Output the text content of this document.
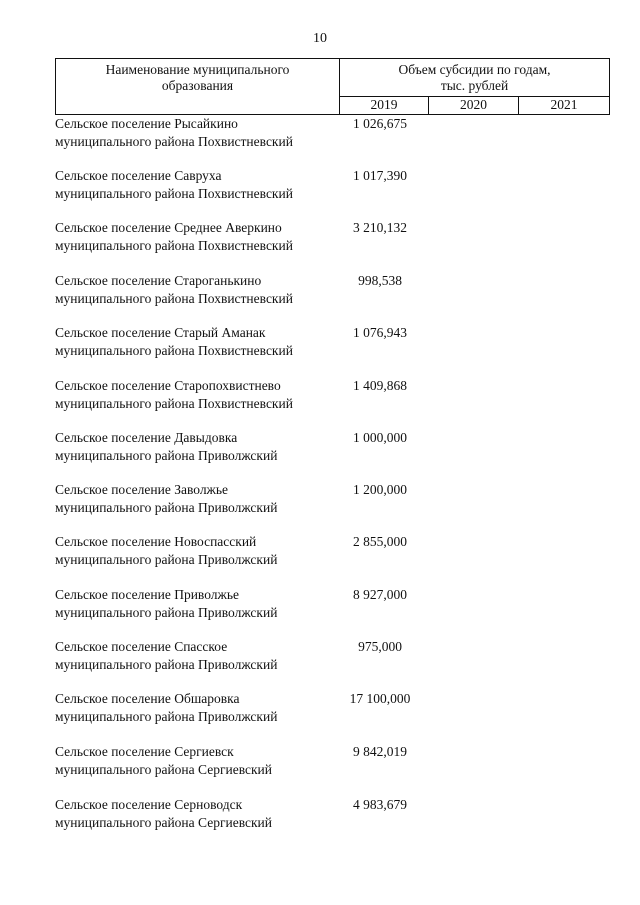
10
Наименование муниципального
образования
Объем субсидии по годам,
тыс. рублей
2019	2020	2021
Сельское поселение Рысайкино
муниципального района Похвистневский
1 026,675
Сельское поселение Савруха
муниципального района Похвистневский
1 017,390
Сельское поселение Среднее Аверкино
муниципального района Похвистневский
3 210,132
Сельское поселение Староганькино
муниципального района Похвистневский
998,538
Сельское поселение Старый Аманак
муниципального района Похвистневский
1 076,943
Сельское поселение Старопохвистнево
муниципального района Похвистневский
1 409,868
Сельское поселение Давыдовка
муниципального района Приволжский
1 000,000
Сельское поселение Заволжье
муниципального района Приволжский
1 200,000
Сельское поселение Новоспасский
муниципального района Приволжский
2 855,000
Сельское поселение Приволжье
муниципального района Приволжский
8 927,000
Сельское поселение Спасское
муниципального района Приволжский
975,000
Сельское поселение Обшаровка
муниципального района Приволжский
17 100,000
Сельское поселение Сергиевск
муниципального района Сергиевский
9 842,019
Сельское поселение Серноводск
муниципального района Сергиевский
4 983,679
